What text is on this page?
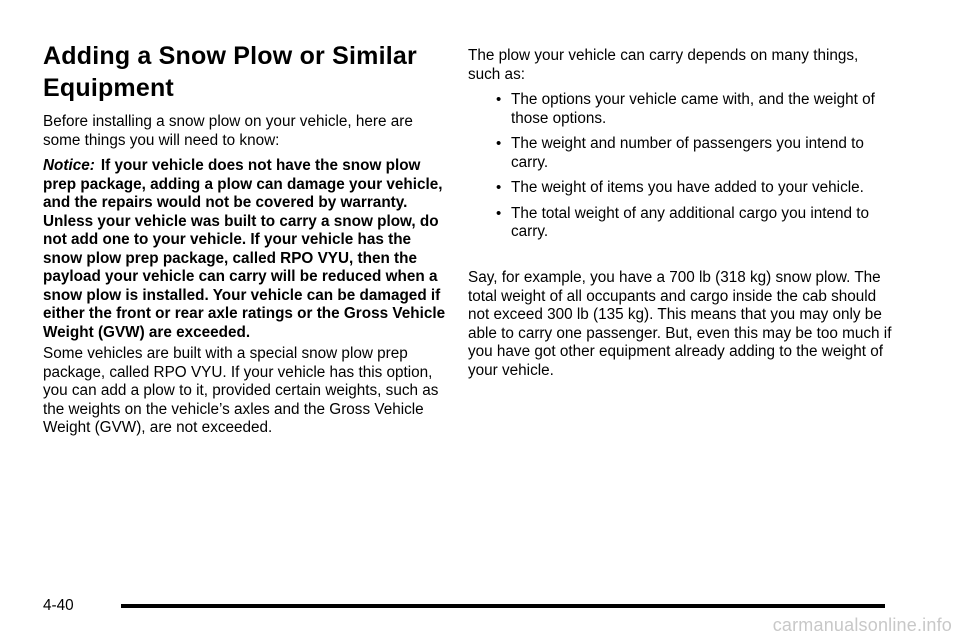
Adding a Snow Plow or Similar Equipment

Before installing a snow plow on your vehicle, here are some things you will need to know:

Notice: If your vehicle does not have the snow plow prep package, adding a plow can damage your vehicle, and the repairs would not be covered by warranty. Unless your vehicle was built to carry a snow plow, do not add one to your vehicle. If your vehicle has the snow plow prep package, called RPO VYU, then the payload your vehicle can carry will be reduced when a snow plow is installed. Your vehicle can be damaged if either the front or rear axle ratings or the Gross Vehicle Weight (GVW) are exceeded.

Some vehicles are built with a special snow plow prep package, called RPO VYU. If your vehicle has this option, you can add a plow to it, provided certain weights, such as the weights on the vehicle’s axles and the Gross Vehicle Weight (GVW), are not exceeded.

The plow your vehicle can carry depends on many things, such as:

• The options your vehicle came with, and the weight of those options.
• The weight and number of passengers you intend to carry.
• The weight of items you have added to your vehicle.
• The total weight of any additional cargo you intend to carry.

Say, for example, you have a 700 lb (318 kg) snow plow. The total weight of all occupants and cargo inside the cab should not exceed 300 lb (135 kg). This means that you may only be able to carry one passenger. But, even this may be too much if you have got other equipment already adding to the weight of your vehicle.

4-40
carmanualsonline.info
